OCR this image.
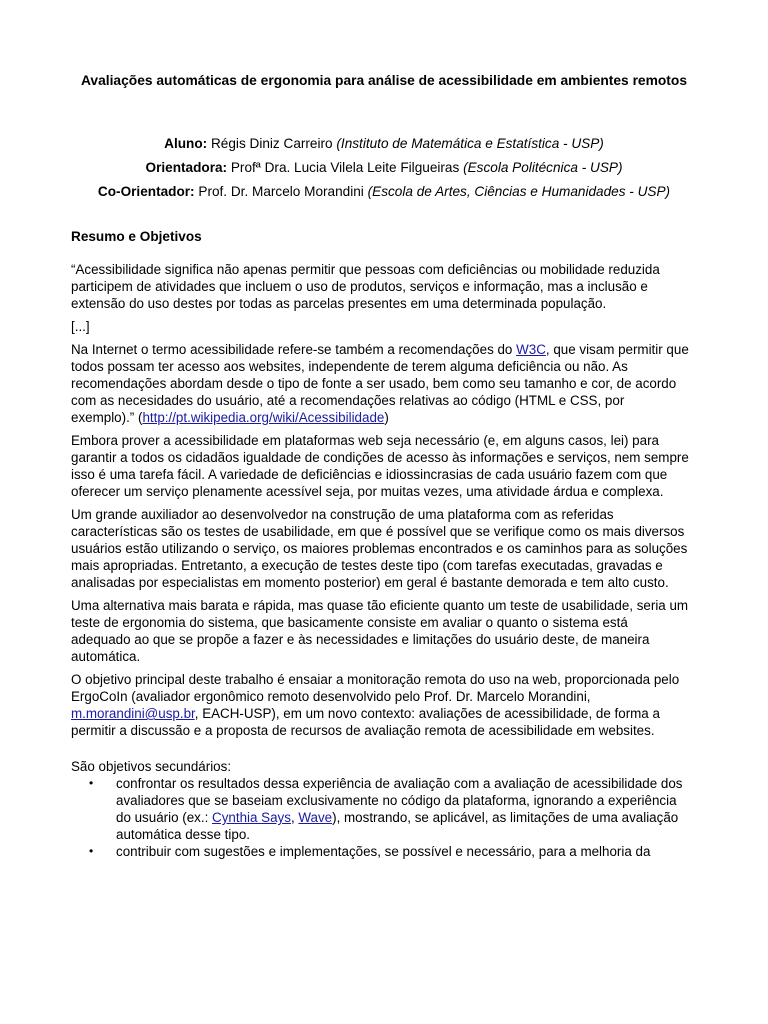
Avaliações automáticas de ergonomia para análise de acessibilidade em ambientes remotos
Aluno: Régis Diniz Carreiro (Instituto de Matemática e Estatística - USP)
Orientadora: Profª Dra. Lucia Vilela Leite Filgueiras (Escola Politécnica - USP)
Co-Orientador: Prof. Dr. Marcelo Morandini (Escola de Artes, Ciências e Humanidades - USP)
Resumo e Objetivos

“Acessibilidade significa não apenas permitir que pessoas com deficiências ou mobilidade reduzida participem de atividades que incluem o uso de produtos, serviços e informação, mas a inclusão e extensão do uso destes por todas as parcelas presentes em uma determinada população.

[...]

Na Internet o termo acessibilidade refere-se também a recomendações do W3C, que visam permitir que todos possam ter acesso aos websites, independente de terem alguma deficiência ou não. As recomendações abordam desde o tipo de fonte a ser usado, bem como seu tamanho e cor, de acordo com as necesidades do usuário, até a recomendações relativas ao código (HTML e CSS, por exemplo).” (http://pt.wikipedia.org/wiki/Acessibilidade)

Embora prover a acessibilidade em plataformas web seja necessário (e, em alguns casos, lei) para garantir a todos os cidadãos igualdade de condições de acesso às informações e serviços, nem sempre isso é uma tarefa fácil. A variedade de deficiências e idiossincrasias de cada usuário fazem com que oferecer um serviço plenamente acessível seja, por muitas vezes, uma atividade árdua e complexa.

Um grande auxiliador ao desenvolvedor na construção de uma plataforma com as referidas características são os testes de usabilidade, em que é possível que se verifique como os mais diversos usuários estão utilizando o serviço, os maiores problemas encontrados e os caminhos para as soluções mais apropriadas. Entretanto, a execução de testes deste tipo (com tarefas executadas, gravadas e analisadas por especialistas em momento posterior) em geral é bastante demorada e tem alto custo.

Uma alternativa mais barata e rápida, mas quase tão eficiente quanto um teste de usabilidade, seria um teste de ergonomia do sistema, que basicamente consiste em avaliar o quanto o sistema está adequado ao que se propõe a fazer e às necessidades e limitações do usuário deste, de maneira automática.

O objetivo principal deste trabalho é ensaiar a monitoração remota do uso na web, proporcionada pelo ErgoCoIn (avaliador ergonômico remoto desenvolvido pelo Prof. Dr. Marcelo Morandini, m.morandini@usp.br, EACH-USP), em um novo contexto: avaliações de acessibilidade, de forma a permitir a discussão e a proposta de recursos de avaliação remota de acessibilidade em websites.

São objetivos secundários:

• confrontar os resultados dessa experiência de avaliação com a avaliação de acessibilidade dos avaliadores que se baseiam exclusivamente no código da plataforma, ignorando a experiência do usuário (ex.: Cynthia Says, Wave), mostrando, se aplicável, as limitações de uma avaliação automática desse tipo.
• contribuir com sugestões e implementações, se possível e necessário, para a melhoria da
